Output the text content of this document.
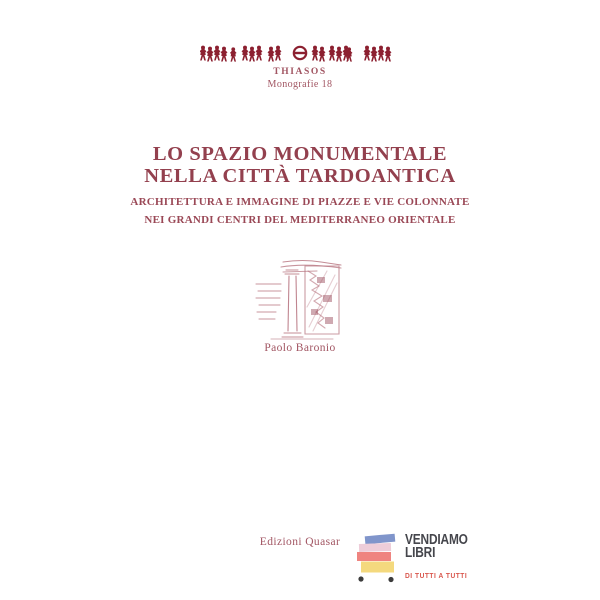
THIASOS
Monografie 18
LO SPAZIO MONUMENTALE
NELLA CITTÀ TARDOANTICA
ARCHITETTURA E IMMAGINE DI PIAZZE E VIE COLONNATE
NEI GRANDI CENTRI DEL MEDITERRANEO ORIENTALE
Paolo Baronio
Edizioni Quasar	VENDIAMO
LIBRI
DI TUTTI A TUTTI
